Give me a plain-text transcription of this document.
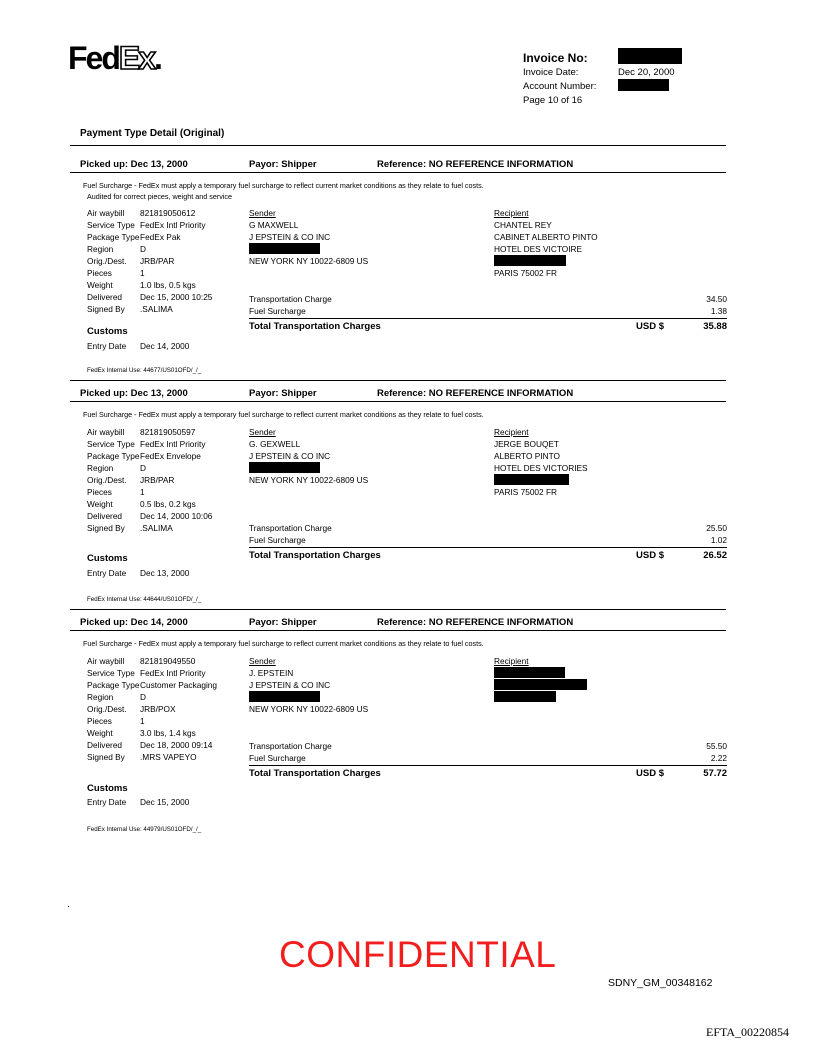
FedEx.	Invoice No:
Invoice Date:	Dec 20, 2000
Account Number:
Page 10 of 16
Payment Type Detail (Original)
Picked up: Dec 13, 2000	Payor: Shipper	Reference: NO REFERENCE INFORMATION
Fuel Surcharge - FedEx must apply a temporary fuel surcharge to reflect current market conditions as they relate to fuel costs.
Audited for correct pieces, weight and service
Air waybill 821819050612
Service Type FedEx Intl Priority
Package Type FedEx Pak
Region	D
Orig./Dest. JRB/PAR
Pieces	1
Weight	1.0 lbs, 0.5 kgs
Delivered Dec 15, 2000 10:25
Signed By .SALIMA
Customs
Entry Date Dec 14, 2000
FedEx Internal Use: 44677/US01OFD/_/_
Sender
G MAXWELL
J EPSTEIN & CO INC
NEW YORK NY 10022-6809 US
Recipient
CHANTEL REY
CABINET ALBERTO PINTO
HOTEL DES VICTOIRE
PARIS 75002 FR
Transportation Charge	34.50
Fuel Surcharge	1.38
Total Transportation Charges	USD $	35.88
Picked up: Dec 13, 2000	Payor: Shipper	Reference: NO REFERENCE INFORMATION
Fuel Surcharge - FedEx must apply a temporary fuel surcharge to reflect current market conditions as they relate to fuel costs.
Air waybill 821819050597
Service Type FedEx Intl Priority
Package Type FedEx Envelope
Region	D
Orig./Dest. JRB/PAR
Pieces	1
Weight	0.5 lbs, 0.2 kgs
Delivered Dec 14, 2000 10:06
Signed By .SALIMA
Customs
Entry Date Dec 13, 2000
FedEx Internal Use: 44644/US01OFD/_/_
Sender
G. GEXWELL
J EPSTEIN & CO INC
NEW YORK NY 10022-6809 US
Recipient
JERGE BOUQET
ALBERTO PINTO
HOTEL DES VICTORIES
PARIS 75002 FR
Transportation Charge	25.50
Fuel Surcharge	1.02
Total Transportation Charges	USD $	26.52
Picked up: Dec 14, 2000	Payor: Shipper	Reference: NO REFERENCE INFORMATION
Fuel Surcharge - FedEx must apply a temporary fuel surcharge to reflect current market conditions as they relate to fuel costs.
Air waybill 821819049550
Service Type FedEx Intl Priority
Package Type Customer Packaging
Region	D
Orig./Dest. JRB/POX
Pieces	1
Weight	3.0 lbs, 1.4 kgs
Delivered Dec 18, 2000 09:14
Signed By .MRS VAPEYO
Customs
Entry Date Dec 15, 2000
FedEx Internal Use: 44979/US01OFD/_/_
Sender
J. EPSTEIN
J EPSTEIN & CO INC
NEW YORK NY 10022-6809 US
Recipient
Transportation Charge	55.50
Fuel Surcharge	2.22
Total Transportation Charges	USD $	57.72
.
CONFIDENTIAL
SDNY_GM_00348162
EFTA_00220854
